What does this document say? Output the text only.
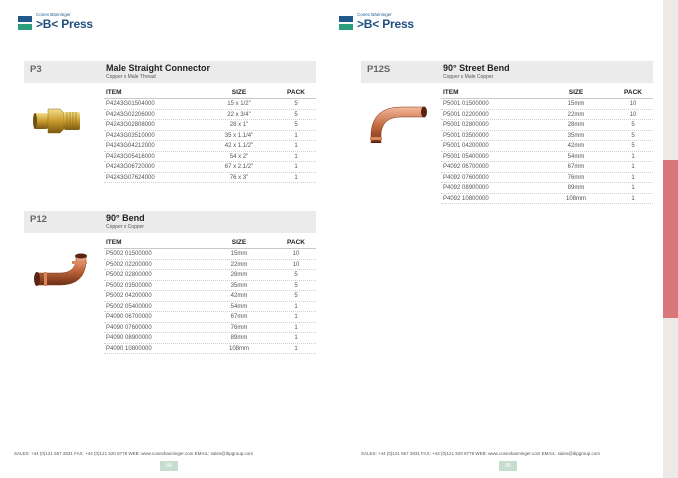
Conex Bänninger
>B< Press
P3	Male Straight Connector
Copper x Male Thread
ITEM	SIZE	PACK
P4243G01504000	15 x 1/2"	5
P4243G02206000	22 x 3/4"	5
P4243G02808000	28 x 1"	5
P4243G03510000	35 x 1.1/4"	1
P4243G04212000	42 x 1.1/2"	1
P4243G05416000	54 x 2"	1
P4243G06720000	67 x 2.1/2"	1
P4243G07624000	76 x 3"	1
P12	90° Bend
Copper x Copper
ITEM	SIZE	PACK
P5002 01500000	15mm	10
P5002 02200000	22mm	10
P5002 02800000	28mm	5
P5002 03500000	35mm	5
P5002 04200000	42mm	5
P5002 05400000	54mm	1
P4090 06700000	67mm	1
P4090 07600000	76mm	1
P4090 08900000	89mm	1
P4090 10800000	108mm	1
SALES: +44 (0)121 557 2831 FAX: +44 (0)121 520 8778 WEB: www.conexbanninger.com EMAIL: sales@ibpgroup.com
84
Conex Bänninger
>B< Press
P12S	90° Street Bend
Copper x Male Copper
ITEM	SIZE	PACK
P5001 01500000	15mm	10
P5001 02200000	22mm	10
P5001 02800000	28mm	5
P5001 03500000	35mm	5
P5001 04200000	42mm	5
P5001 05400000	54mm	1
P4092 06700000	67mm	1
P4092 07600000	76mm	1
P4092 08900000	89mm	1
P4092 10800000	108mm	1
SALES: +44 (0)121 557 2831 FAX: +44 (0)121 520 8778 WEB: www.conexbanninger.com EMAIL: sales@ibpgroup.com
85
